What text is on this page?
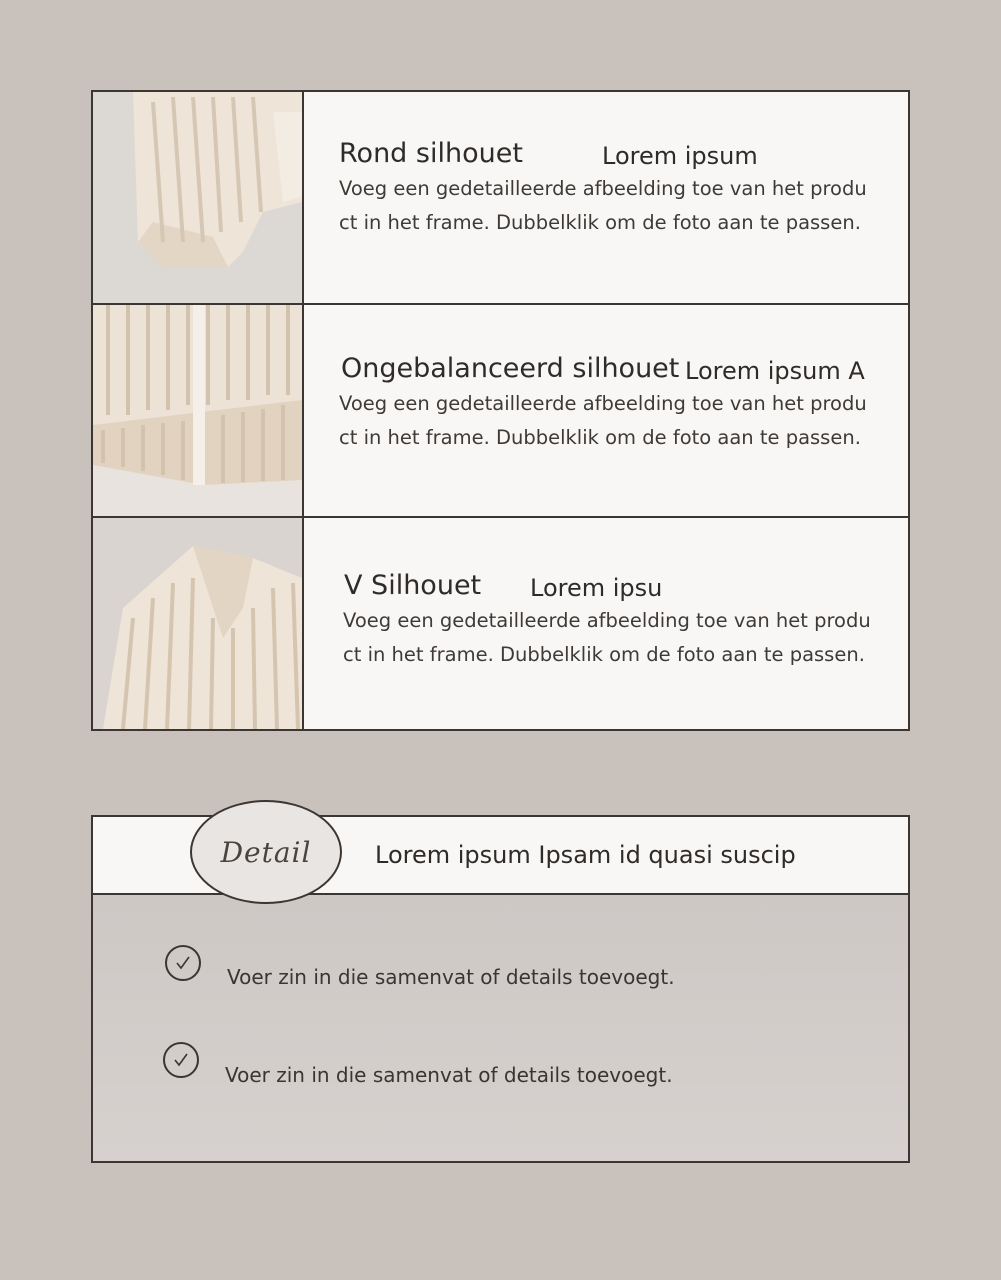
Rond silhouet	Lorem ipsum
Voeg een gedetailleerde afbeelding toe van het product in het frame. Dubbelklik om de foto aan te passen.
Ongebalanceerd silhouet Lorem ipsum A
Voeg een gedetailleerde afbeelding toe van het product in het frame. Dubbelklik om de foto aan te passen.
V Silhouet Lorem ipsu
Voeg een gedetailleerde afbeelding toe van het product in het frame. Dubbelklik om de foto aan te passen.
Lorem ipsum Ipsam id quasi suscip
Detail
Voer zin in die samenvat of details toevoegt.
Voer zin in die samenvat of details toevoegt.
